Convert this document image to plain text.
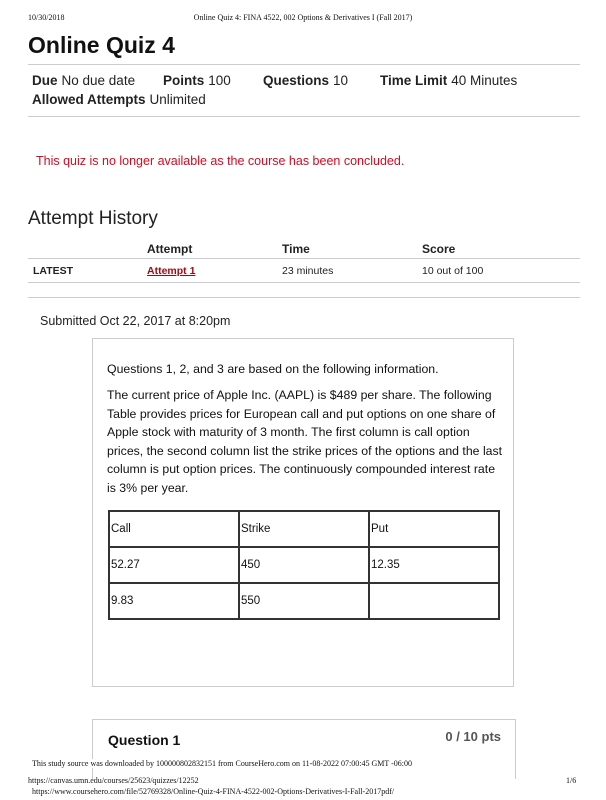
10/30/2018	Online Quiz 4: FINA 4522, 002 Options & Derivatives I (Fall 2017)
Online Quiz 4
Due No due date Points 100 Questions 10 Time Limit 40 Minutes
Allowed Attempts Unlimited
This quiz is no longer available as the course has been concluded.
Attempt History
Attempt	Time	Score
LATEST	Attempt 1	23 minutes	10 out of 100
Submitted Oct 22, 2017 at 8:20pm

Questions 1, 2, and 3 are based on the following information.

The current price of Apple Inc. (AAPL) is $489 per share. The following Table provides prices for European call and put options on one share of Apple stock with maturity of 3 month. The first column is call option prices, the second column list the strike prices of the options and the last column is put option prices. The continuously compounded interest rate is 3% per year.

Call	Strike	Put
52.27	450	12.35
9.83	550	
Question 1	0 / 10 pts
This study source was downloaded by 100000802832151 from CourseHero.com on 11-08-2022 07:00:45 GMT -06:00
https://canvas.umn.edu/courses/25623/quizzes/12252	1/6
https://www.coursehero.com/file/52769328/Online-Quiz-4-FINA-4522-002-Options-Derivatives-I-Fall-2017pdf/
